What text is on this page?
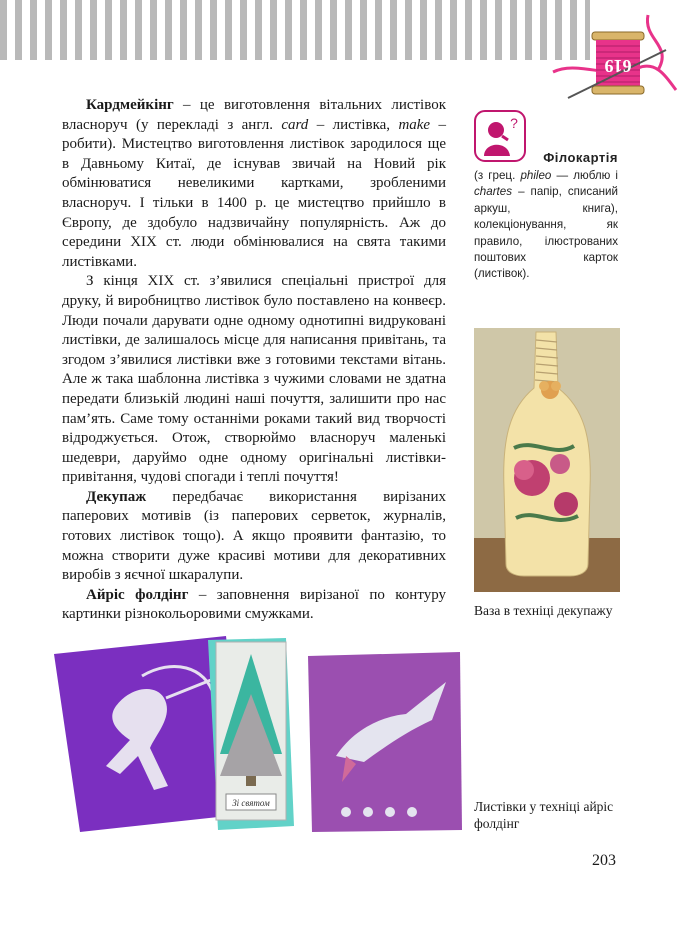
619

Кардмейкінг – це виготовлення вітальних листівок власноруч (у перекладі з англ. card – листівка, make – робити). Мистецтво виготовлення листівок зародилося ще в Давньому Китаї, де існував звичай на Новий рік обмінюватися невеликими картками, зробленими власноруч. І тільки в 1400 р. це мистецтво прийшло в Європу, де здобуло надзвичайну популярність. Аж до середини ХІХ ст. люди обмінювалися на свята такими листівками.

З кінця ХІХ ст. з’явилися спеціальні пристрої для друку, й виробництво листівок було поставлено на конвеєр. Люди почали дарувати одне одному однотипні видруковані листівки, де залишалось місце для написання привітань, та згодом з’явилися листівки вже з готовими текстами вітань. Але ж така шаблонна листівка з чужими словами не здатна передати близькій людині наші почуття, залишити про нас пам’ять. Саме тому останніми роками такий вид творчості відроджується. Отож, створюймо власноруч маленькі шедеври, даруймо одне одному оригінальні листівки-привітання, чудові спогади і теплі почуття!

Декупаж передбачає використання вирізаних паперових мотивів (із паперових серветок, журналів, готових листівок тощо). А якщо проявити фантазію, то можна створити дуже красиві мотиви для декоративних виробів з яєчної шкаралупи.

Айріс фолдінг – заповнення вирізаної по контуру картинки різнокольоровими смужками.

?
Філокартія
(з грец. phileo — люблю і chartes – папір, списаний аркуш, книга), колекціонування, як правило, ілюстрованих поштових карток (листівок).
Ваза в техніці декупажу
Зі святом	Листівки у техніці айріс фолдінг
203
